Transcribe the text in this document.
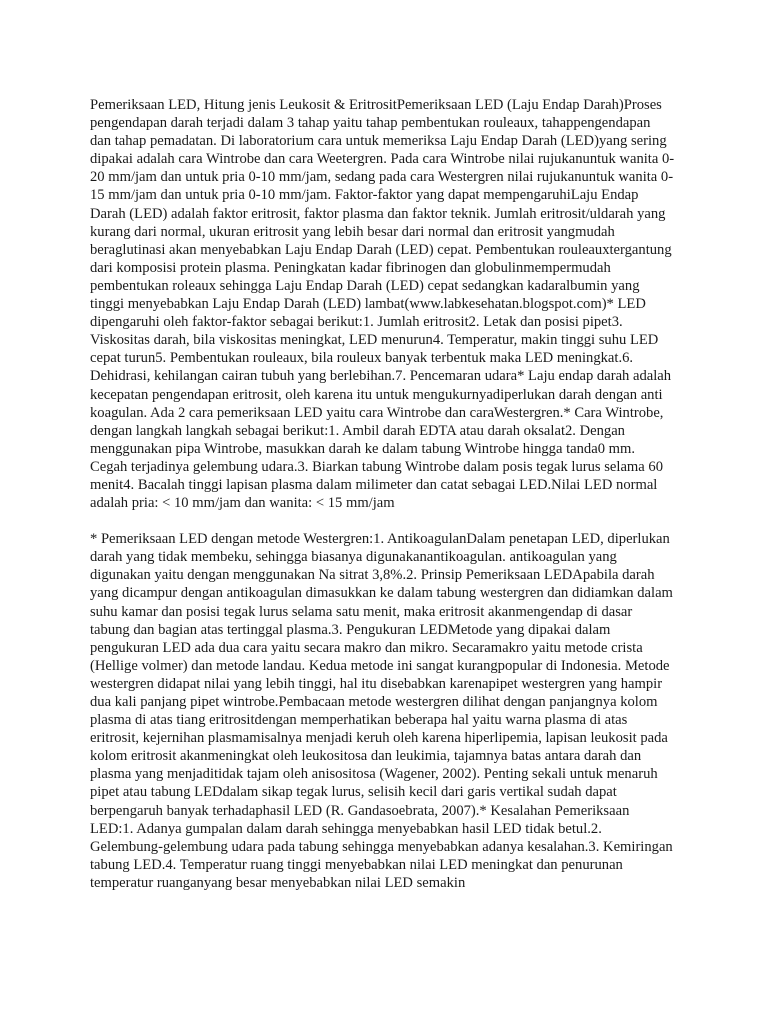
Pemeriksaan LED, Hitung jenis Leukosit & EritrositPemeriksaan LED (Laju Endap Darah)Proses pengendapan darah terjadi dalam 3 tahap yaitu tahap pembentukan rouleaux, tahappengendapan dan tahap pemadatan. Di laboratorium cara untuk memeriksa Laju Endap Darah (LED)yang sering dipakai adalah cara Wintrobe dan cara Weetergren. Pada cara Wintrobe nilai rujukanuntuk wanita 0-20 mm/jam dan untuk pria 0-10 mm/jam, sedang pada cara Westergren nilai rujukanuntuk wanita 0-15 mm/jam dan untuk pria 0-10 mm/jam. Faktor-faktor yang dapat mempengaruhiLaju Endap Darah (LED) adalah faktor eritrosit, faktor plasma dan faktor teknik. Jumlah eritrosit/uldarah yang kurang dari normal, ukuran eritrosit yang lebih besar dari normal dan eritrosit yangmudah beraglutinasi akan menyebabkan Laju Endap Darah (LED) cepat. Pembentukan rouleauxtergantung dari komposisi protein plasma. Peningkatan kadar fibrinogen dan globulinmempermudah pembentukan roleaux sehingga Laju Endap Darah (LED) cepat sedangkan kadaralbumin yang tinggi menyebabkan Laju Endap Darah (LED) lambat(www.labkesehatan.blogspot.com)* LED dipengaruhi oleh faktor-faktor sebagai berikut:1. Jumlah eritrosit2. Letak dan posisi pipet3. Viskositas darah, bila viskositas meningkat, LED menurun4. Temperatur, makin tinggi suhu LED cepat turun5. Pembentukan rouleaux, bila rouleux banyak terbentuk maka LED meningkat.6. Dehidrasi, kehilangan cairan tubuh yang berlebihan.7. Pencemaran udara* Laju endap darah adalah kecepatan pengendapan eritrosit, oleh karena itu untuk mengukurnyadiperlukan darah dengan anti koagulan. Ada 2 cara pemeriksaan LED yaitu cara Wintrobe dan caraWestergren.* Cara Wintrobe, dengan langkah langkah sebagai berikut:1. Ambil darah EDTA atau darah oksalat2. Dengan menggunakan pipa Wintrobe, masukkan darah ke dalam tabung Wintrobe hingga tanda0 mm. Cegah terjadinya gelembung udara.3. Biarkan tabung Wintrobe dalam posis tegak lurus selama 60 menit4. Bacalah tinggi lapisan plasma dalam milimeter dan catat sebagai LED.Nilai LED normal adalah pria: < 10 mm/jam dan wanita: < 15 mm/jam

* Pemeriksaan LED dengan metode Westergren:1. AntikoagulanDalam penetapan LED, diperlukan darah yang tidak membeku, sehingga biasanya digunakanantikoagulan. antikoagulan yang digunakan yaitu dengan menggunakan Na sitrat 3,8%.2. Prinsip Pemeriksaan LEDApabila darah yang dicampur dengan antikoagulan dimasukkan ke dalam tabung westergren dan didiamkan dalam suhu kamar dan posisi tegak lurus selama satu menit, maka eritrosit akanmengendap di dasar tabung dan bagian atas tertinggal plasma.3. Pengukuran LEDMetode yang dipakai dalam pengukuran LED ada dua cara yaitu secara makro dan mikro. Secaramakro yaitu metode crista (Hellige volmer) dan metode landau. Kedua metode ini sangat kurangpopular di Indonesia. Metode westergren didapat nilai yang lebih tinggi, hal itu disebabkan karenapipet westergren yang hampir dua kali panjang pipet wintrobe.Pembacaan metode westergren dilihat dengan panjangnya kolom plasma di atas tiang eritrositdengan memperhatikan beberapa hal yaitu warna plasma di atas eritrosit, kejernihan plasmamisalnya menjadi keruh oleh karena hiperlipemia, lapisan leukosit pada kolom eritrosit akanmeningkat oleh leukositosa dan leukimia, tajamnya batas antara darah dan plasma yang menjaditidak tajam oleh anisositosa (Wagener, 2002). Penting sekali untuk menaruh pipet atau tabung LEDdalam sikap tegak lurus, selisih kecil dari garis vertikal sudah dapat berpengaruh banyak terhadaphasil LED (R. Gandasoebrata, 2007).* Kesalahan Pemeriksaan LED:1. Adanya gumpalan dalam darah sehingga menyebabkan hasil LED tidak betul.2. Gelembung-gelembung udara pada tabung sehingga menyebabkan adanya kesalahan.3. Kemiringan tabung LED.4. Temperatur ruang tinggi menyebabkan nilai LED meningkat dan penurunan temperatur ruanganyang besar menyebabkan nilai LED semakin
